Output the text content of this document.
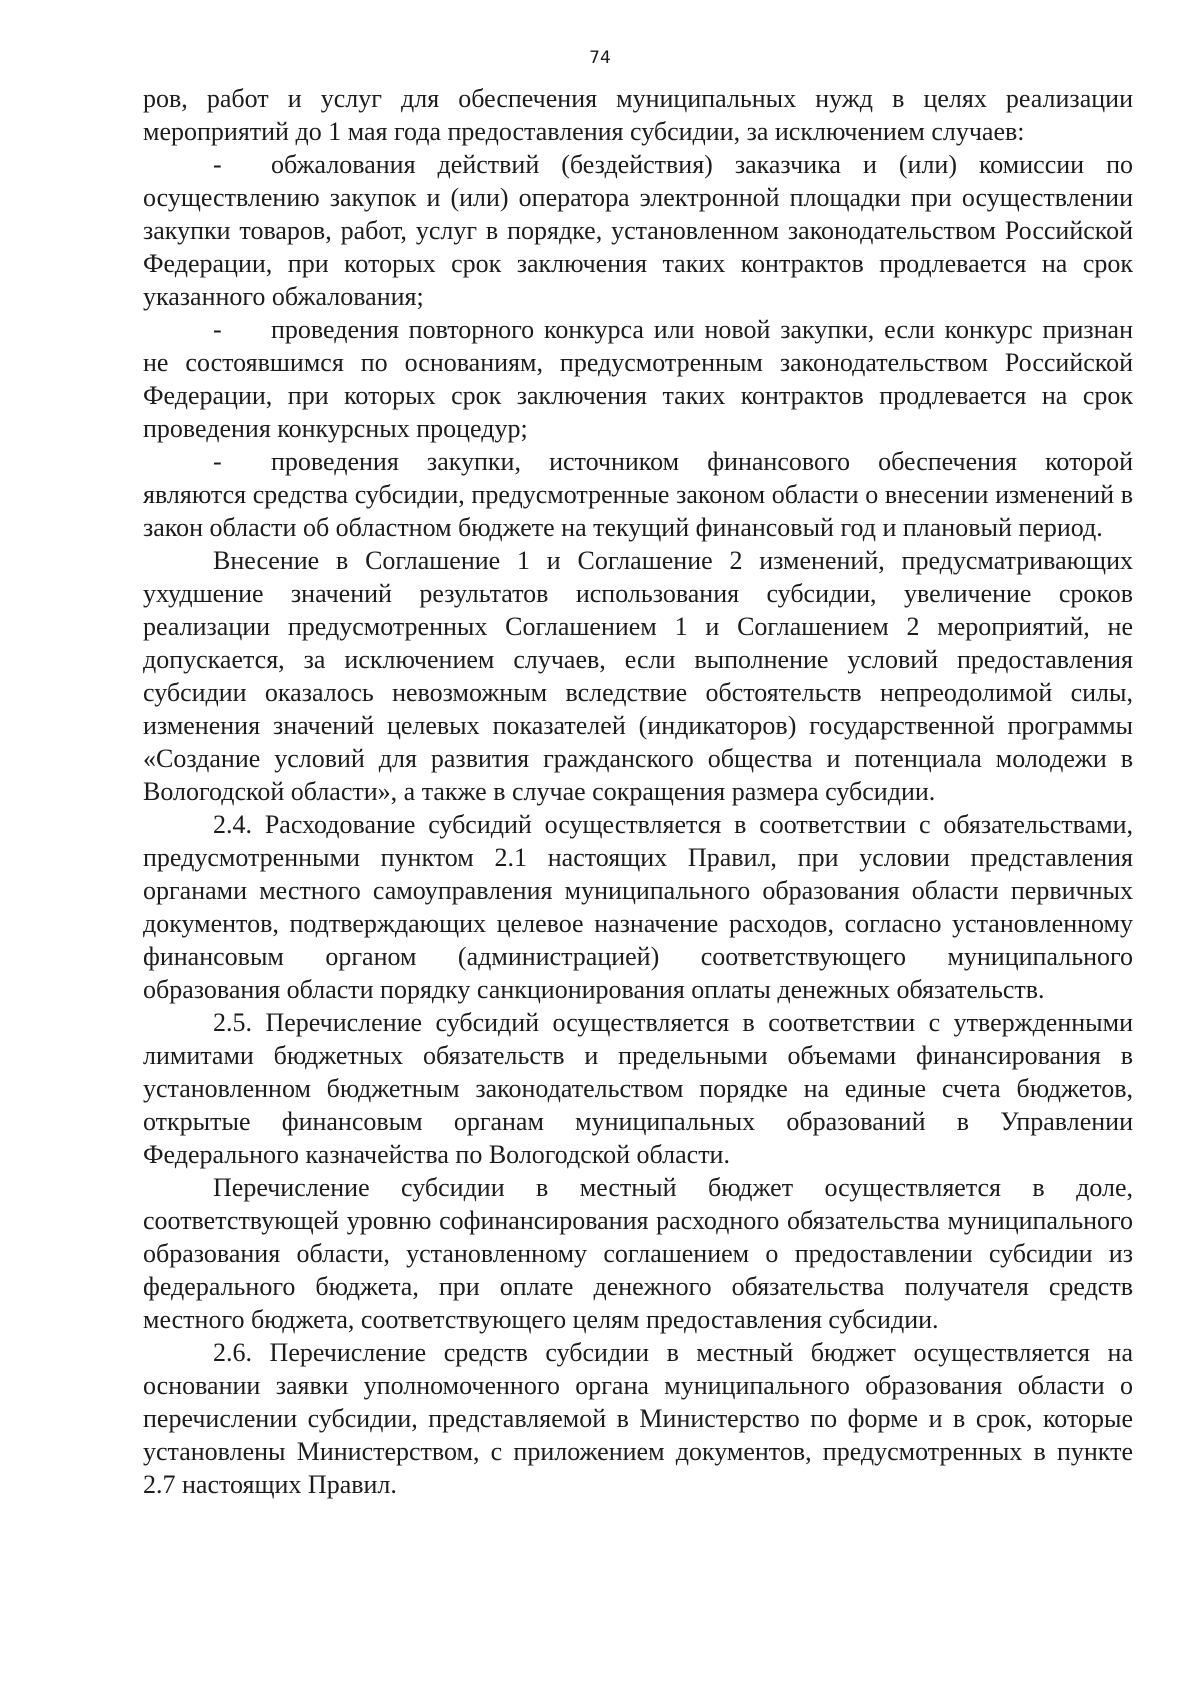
74

ров, работ и услуг для обеспечения муниципальных нужд в целях реализации мероприятий до 1 мая года предоставления субсидии, за исключением случаев:

- обжалования действий (бездействия) заказчика и (или) комиссии по осуществлению закупок и (или) оператора электронной площадки при осуществлении закупки товаров, работ, услуг в порядке, установленном законодательством Российской Федерации, при которых срок заключения таких контрактов продлевается на срок указанного обжалования;

- проведения повторного конкурса или новой закупки, если конкурс признан не состоявшимся по основаниям, предусмотренным законодательством Российской Федерации, при которых срок заключения таких контрактов продлевается на срок проведения конкурсных процедур;

- проведения закупки, источником финансового обеспечения которой являются средства субсидии, предусмотренные законом области о внесении изменений в закон области об областном бюджете на текущий финансовый год и плановый период.

Внесение в Соглашение 1 и Соглашение 2 изменений, предусматривающих ухудшение значений результатов использования субсидии, увеличение сроков реализации предусмотренных Соглашением 1 и Соглашением 2 мероприятий, не допускается, за исключением случаев, если выполнение условий предоставления субсидии оказалось невозможным вследствие обстоятельств непреодолимой силы, изменения значений целевых показателей (индикаторов) государственной программы «Создание условий для развития гражданского общества и потенциала молодежи в Вологодской области», а также в случае сокращения размера субсидии.

2.4. Расходование субсидий осуществляется в соответствии с обязательствами, предусмотренными пунктом 2.1 настоящих Правил, при условии представления органами местного самоуправления муниципального образования области первичных документов, подтверждающих целевое назначение расходов, согласно установленному финансовым органом (администрацией) соответствующего муниципального образования области порядку санкционирования оплаты денежных обязательств.

2.5. Перечисление субсидий осуществляется в соответствии с утвержденными лимитами бюджетных обязательств и предельными объемами финансирования в установленном бюджетным законодательством порядке на единые счета бюджетов, открытые финансовым органам муниципальных образований в Управлении Федерального казначейства по Вологодской области.

Перечисление субсидии в местный бюджет осуществляется в доле, соответствующей уровню софинансирования расходного обязательства муниципального образования области, установленному соглашением о предоставлении субсидии из федерального бюджета, при оплате денежного обязательства получателя средств местного бюджета, соответствующего целям предоставления субсидии.

2.6. Перечисление средств субсидии в местный бюджет осуществляется на основании заявки уполномоченного органа муниципального образования области о перечислении субсидии, представляемой в Министерство по форме и в срок, которые установлены Министерством, с приложением документов, предусмотренных в пункте 2.7 настоящих Правил.
